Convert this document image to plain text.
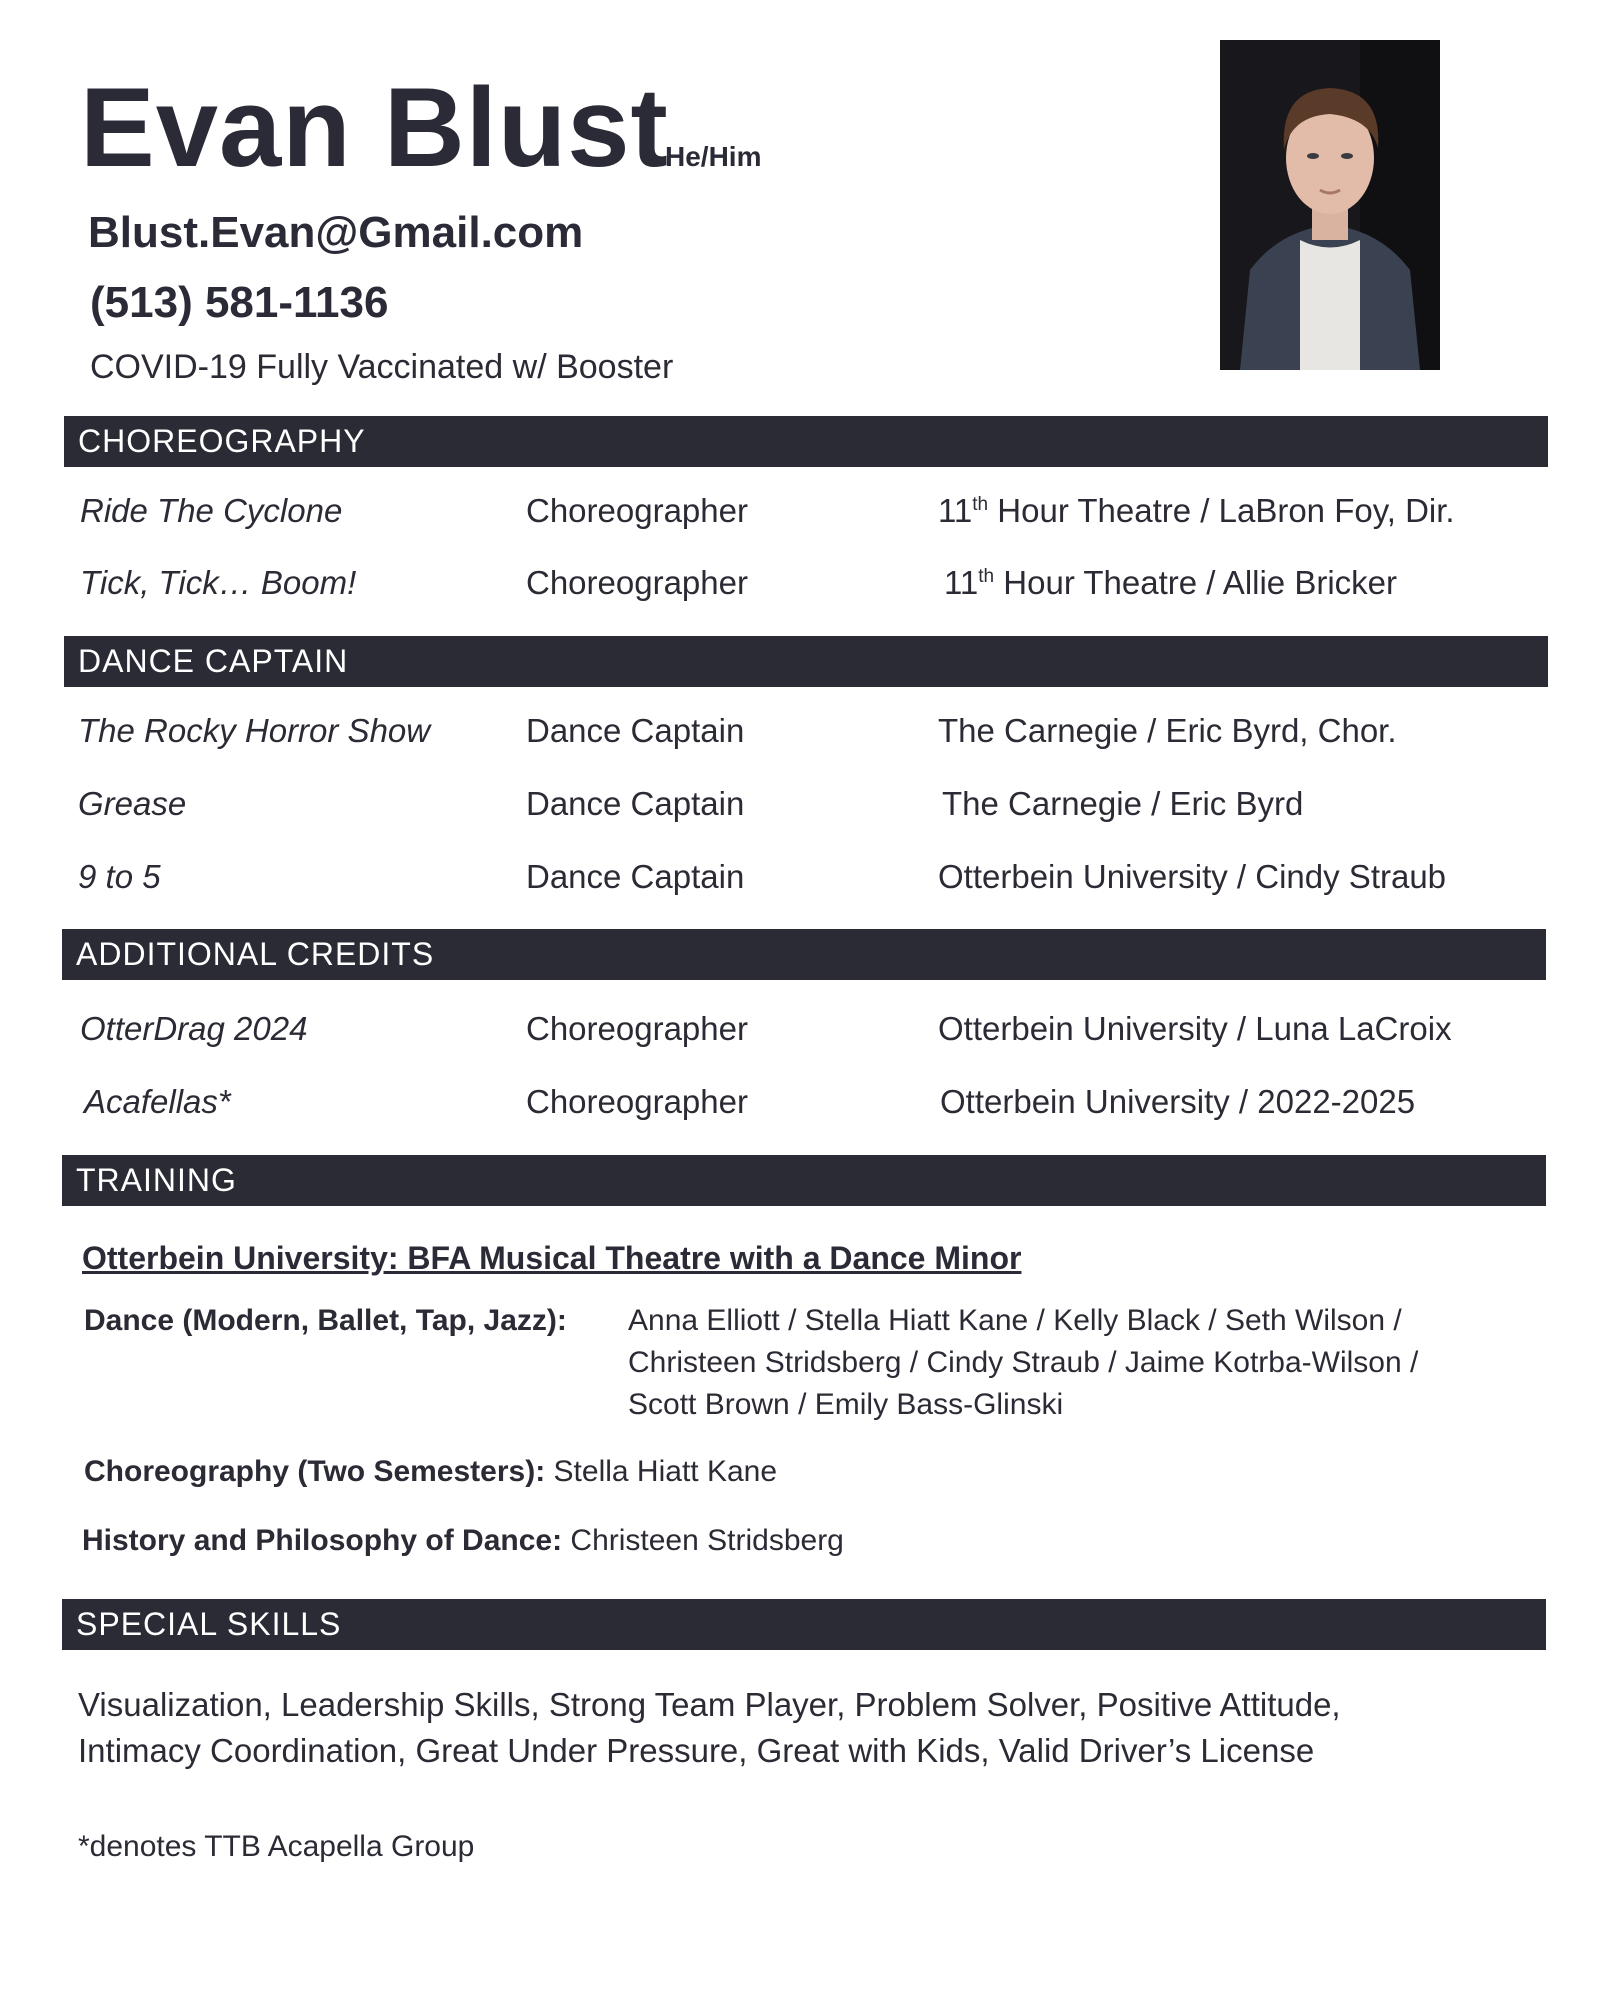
Evan Blust
He/Him
Blust.Evan@Gmail.com
(513) 581-1136
COVID-19 Fully Vaccinated w/ Booster
CHOREOGRAPHY
Ride The Cyclone	Choreographer	11th Hour Theatre / LaBron Foy, Dir.
Tick, Tick… Boom!	Choreographer	11th Hour Theatre / Allie Bricker
DANCE CAPTAIN
The Rocky Horror Show	Dance Captain	The Carnegie / Eric Byrd, Chor.
Grease	Dance Captain	The Carnegie / Eric Byrd
9 to 5	Dance Captain	Otterbein University / Cindy Straub
ADDITIONAL CREDITS
OtterDrag 2024	Choreographer	Otterbein University / Luna LaCroix
Acafellas*	Choreographer	Otterbein University / 2022-2025
TRAINING
Otterbein University: BFA Musical Theatre with a Dance Minor
Dance (Modern, Ballet, Tap, Jazz): Anna Elliott / Stella Hiatt Kane / Kelly Black / Seth Wilson /
Christeen Stridsberg / Cindy Straub / Jaime Kotrba-Wilson /
Scott Brown / Emily Bass-Glinski
Choreography (Two Semesters): Stella Hiatt Kane
History and Philosophy of Dance: Christeen Stridsberg
SPECIAL SKILLS
Visualization, Leadership Skills, Strong Team Player, Problem Solver, Positive Attitude,
Intimacy Coordination, Great Under Pressure, Great with Kids, Valid Driver’s License
*denotes TTB Acapella Group
